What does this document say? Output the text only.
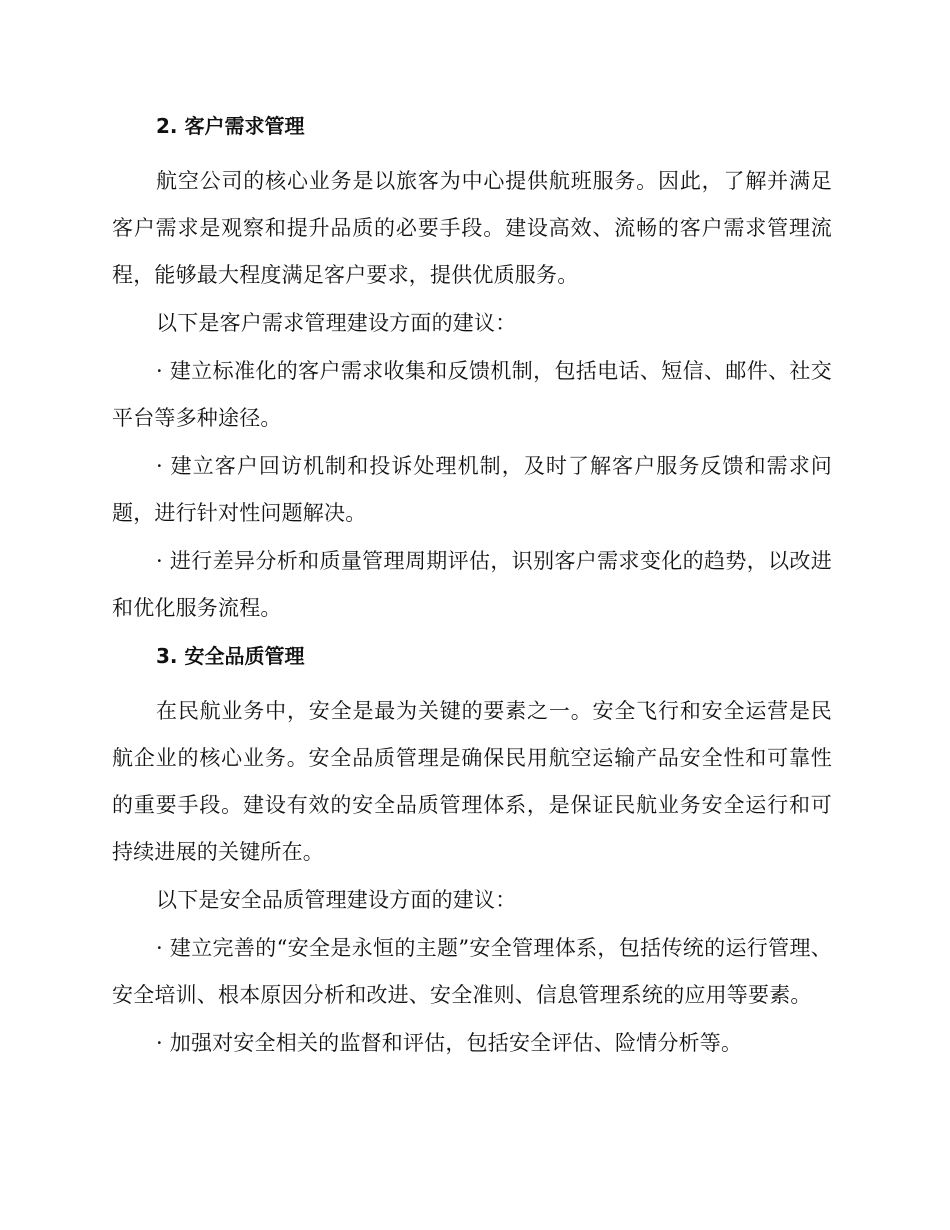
2. 客户需求管理

航空公司的核心业务是以旅客为中心提供航班服务。因此，了解并满足客户需求是观察和提升品质的必要手段。建设高效、流畅的客户需求管理流程，能够最大程度满足客户要求，提供优质服务。

以下是客户需求管理建设方面的建议：

· 建立标准化的客户需求收集和反馈机制，包括电话、短信、邮件、社交平台等多种途径。

· 建立客户回访机制和投诉处理机制，及时了解客户服务反馈和需求问题，进行针对性问题解决。

· 进行差异分析和质量管理周期评估，识别客户需求变化的趋势，以改进和优化服务流程。

3. 安全品质管理

在民航业务中，安全是最为关键的要素之一。安全飞行和安全运营是民航企业的核心业务。安全品质管理是确保民用航空运输产品安全性和可靠性的重要手段。建设有效的安全品质管理体系，是保证民航业务安全运行和可持续进展的关键所在。

以下是安全品质管理建设方面的建议：

· 建立完善的“安全是永恒的主题”安全管理体系，包括传统的运行管理、安全培训、根本原因分析和改进、安全准则、信息管理系统的应用等要素。

· 加强对安全相关的监督和评估，包括安全评估、险情分析等。
